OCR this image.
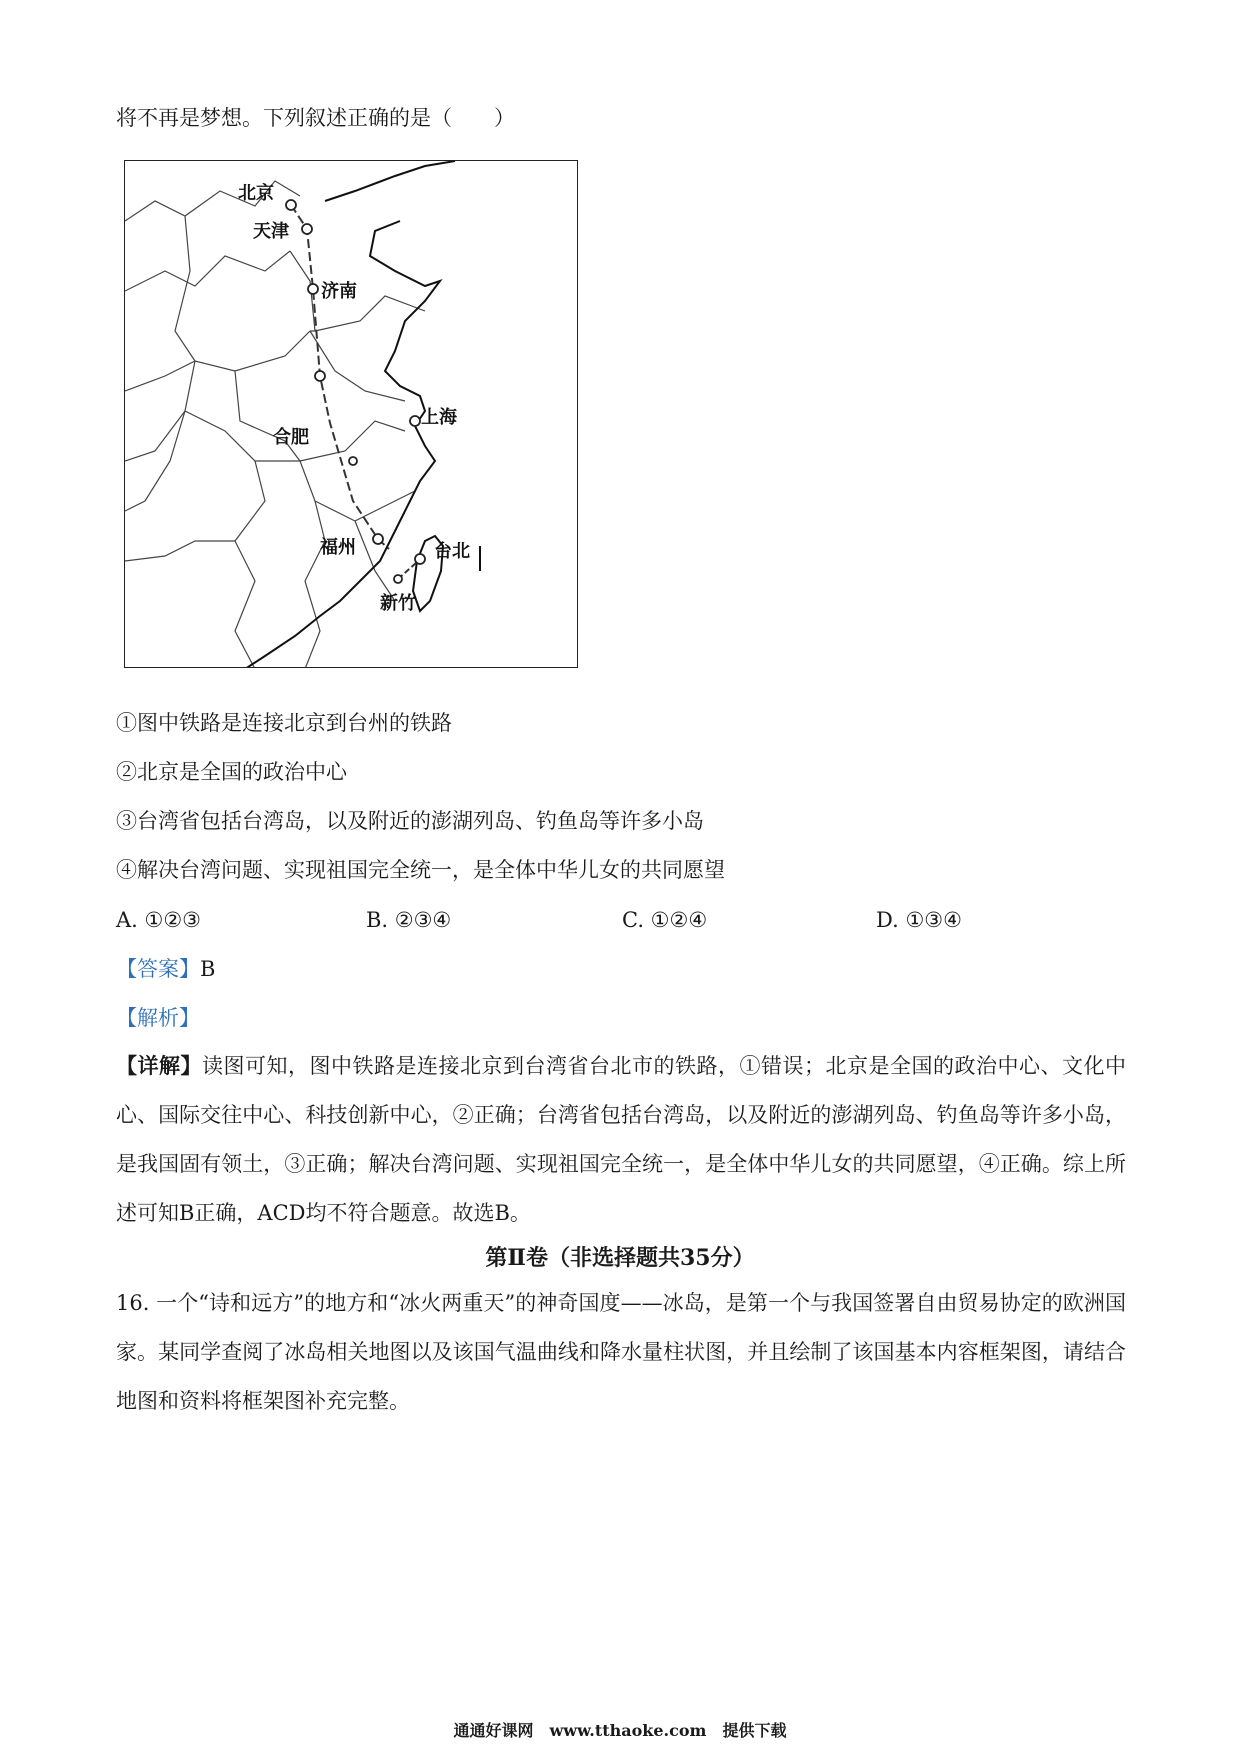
将不再是梦想。下列叙述正确的是（　　）
北京
天津
济南
上海
合肥
福州	台北
新竹
①图中铁路是连接北京到台州的铁路
②北京是全国的政治中心
③台湾省包括台湾岛，以及附近的澎湖列岛、钓鱼岛等许多小岛
④解决台湾问题、实现祖国完全统一，是全体中华儿女的共同愿望
A. ①②③	B. ②③④	C. ①②④	D. ①③④
【答案】B
【解析】
【详解】读图可知，图中铁路是连接北京到台湾省台北市的铁路，①错误；北京是全国的政治中心、文化中心、国际交往中心、科技创新中心，②正确；台湾省包括台湾岛，以及附近的澎湖列岛、钓鱼岛等许多小岛，是我国固有领土，③正确；解决台湾问题、实现祖国完全统一，是全体中华儿女的共同愿望，④正确。综上所述可知B正确，ACD均不符合题意。故选B。
第Ⅱ卷（非选择题共35分）
16. 一个“诗和远方”的地方和“冰火两重天”的神奇国度——冰岛，是第一个与我国签署自由贸易协定的欧洲国家。某同学查阅了冰岛相关地图以及该国气温曲线和降水量柱状图，并且绘制了该国基本内容框架图，请结合地图和资料将框架图补充完整。
通通好课网　www.tthaoke.com　提供下载
